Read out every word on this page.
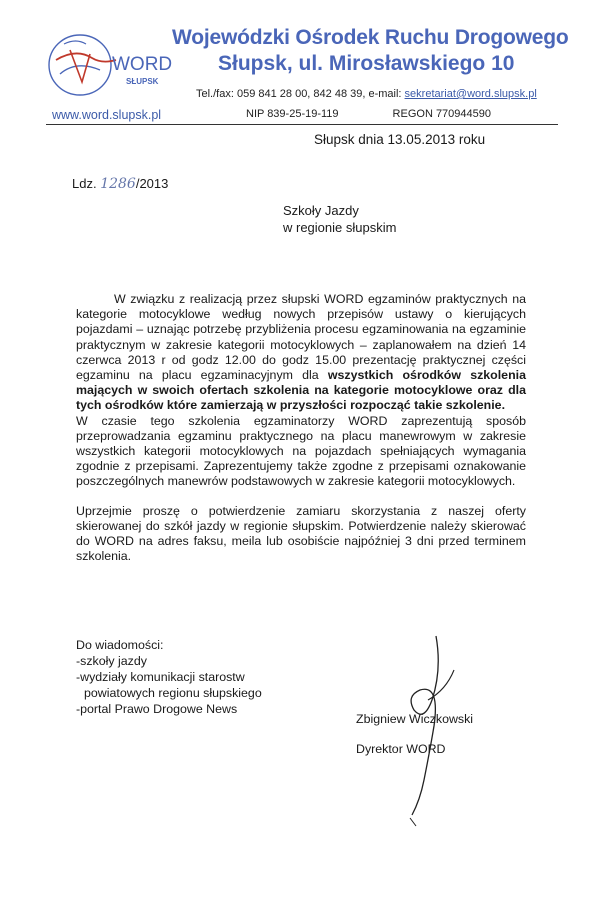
WORD
SŁUPSK
www.word.slupsk.pl
Wojewódzki Ośrodek Ruchu Drogowego
Słupsk, ul. Mirosławskiego 10
Tel./fax: 059 841 28 00, 842 48 39, e-mail: sekretariat@word.slupsk.pl
NIP 839-25-19-119	REGON 770944590
Słupsk dnia 13.05.2013 roku
Ldz. 1286/2013
Szkoły Jazdy
w regionie słupskim

W związku z realizacją przez słupski WORD egzaminów praktycznych na kategorie motocyklowe według nowych przepisów ustawy o kierujących pojazdami – uznając potrzebę przybliżenia procesu egzaminowania na egzaminie praktycznym w zakresie kategorii motocyklowych – zaplanowałem na dzień 14 czerwca 2013 r od godz 12.00 do godz 15.00 prezentację praktycznej części egzaminu na placu egzaminacyjnym dla wszystkich ośrodków szkolenia mających w swoich ofertach szkolenia na kategorie motocyklowe oraz dla tych ośrodków które zamierzają w przyszłości rozpocząć takie szkolenie.

W czasie tego szkolenia egzaminatorzy WORD zaprezentują sposób przeprowadzania egzaminu praktycznego na placu manewrowym w zakresie wszystkich kategorii motocyklowych na pojazdach spełniających wymagania zgodnie z przepisami. Zaprezentujemy także zgodne z przepisami oznakowanie poszczególnych manewrów podstawowych w zakresie kategorii motocyklowych.

Uprzejmie proszę o potwierdzenie zamiaru skorzystania z naszej oferty skierowanej do szkół jazdy w regionie słupskim. Potwierdzenie należy skierować do WORD na adres faksu, meila lub osobiście najpóźniej 3 dni przed terminem szkolenia.

Do wiadomości:
-szkoły jazdy
-wydziały komunikacji starostw
powiatowych regionu słupskiego
-portal Prawo Drogowe News
Zbigniew Wiczkowski
Dyrektor WORD
